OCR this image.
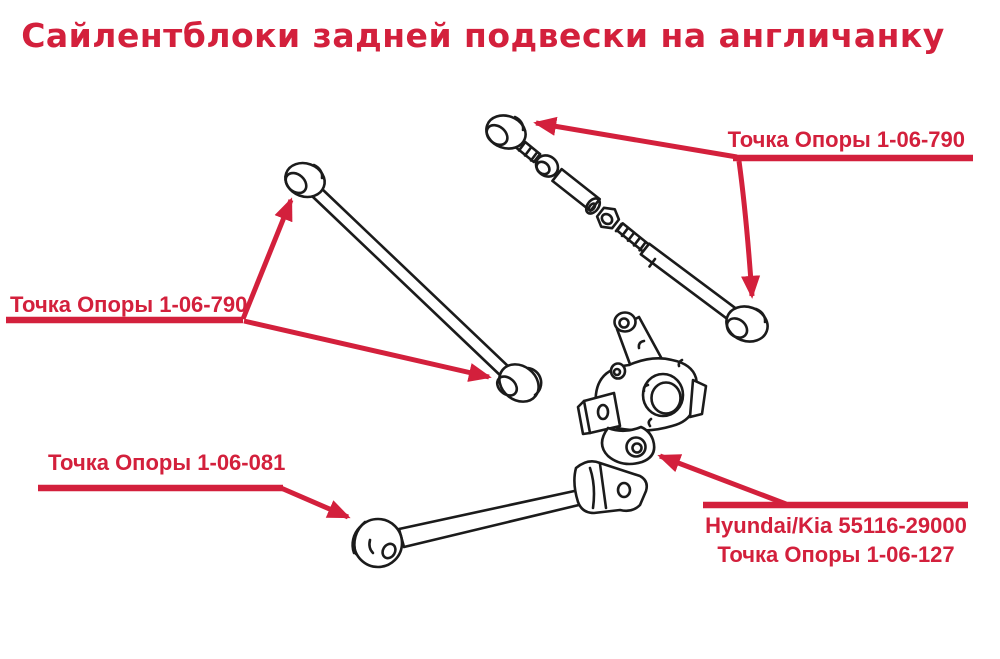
Сайлентблоки задней подвески на англичанку
Точка Опоры 1-06-790
Точка Опоры 1-06-790
Точка Опоры 1-06-081
Hyundai/Kia 55116-29000
Точка Опоры 1-06-127
